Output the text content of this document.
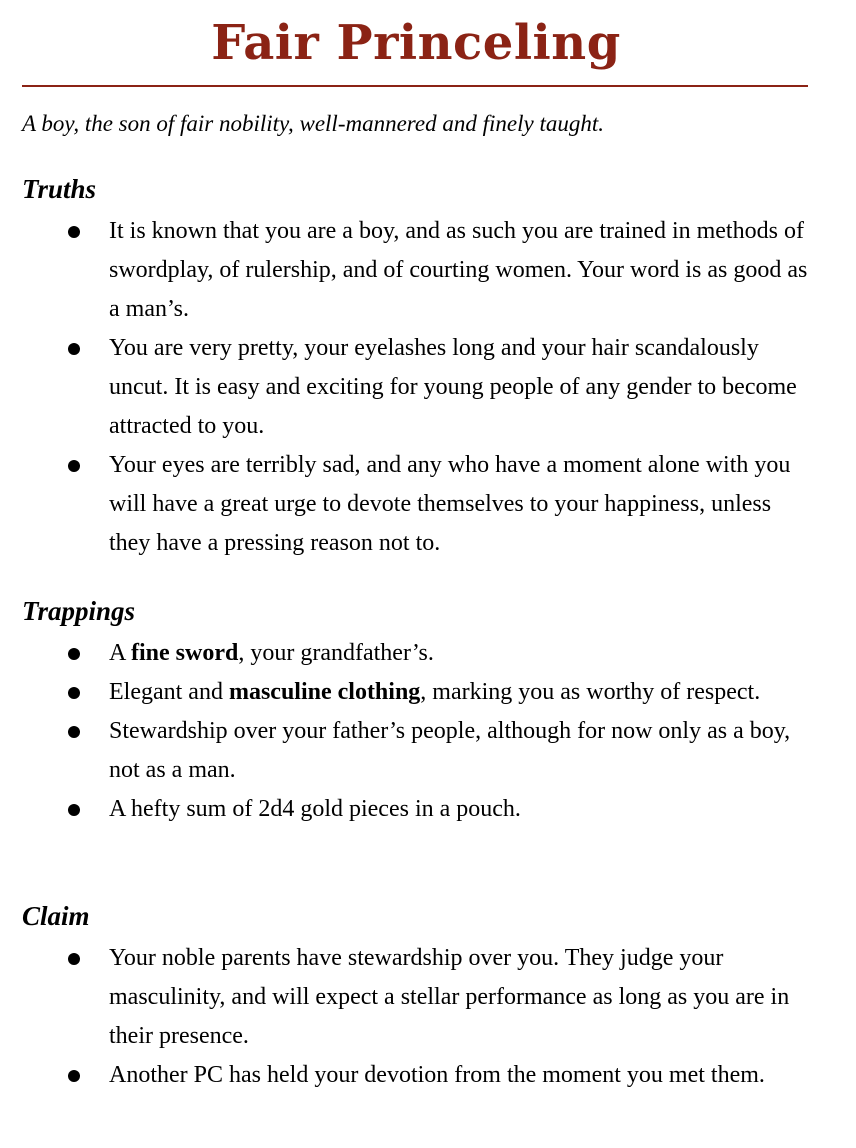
Fair Princeling

A boy, the son of fair nobility, well-mannered and finely taught.

Truths
It is known that you are a boy, and as such you are trained in methods of swordplay, of rulership, and of courting women. Your word is as good as a man’s.
You are very pretty, your eyelashes long and your hair scandalously uncut. It is easy and exciting for young people of any gender to become attracted to you.
Your eyes are terribly sad, and any who have a moment alone with you will have a great urge to devote themselves to your happiness, unless they have a pressing reason not to.
Trappings
A fine sword, your grandfather’s.
Elegant and masculine clothing, marking you as worthy of respect.
Stewardship over your father’s people, although for now only as a boy, not as a man.
A hefty sum of 2d4 gold pieces in a pouch.
Claim
Your noble parents have stewardship over you. They judge your masculinity, and will expect a stellar performance as long as you are in their presence.
Another PC has held your devotion from the moment you met them.
